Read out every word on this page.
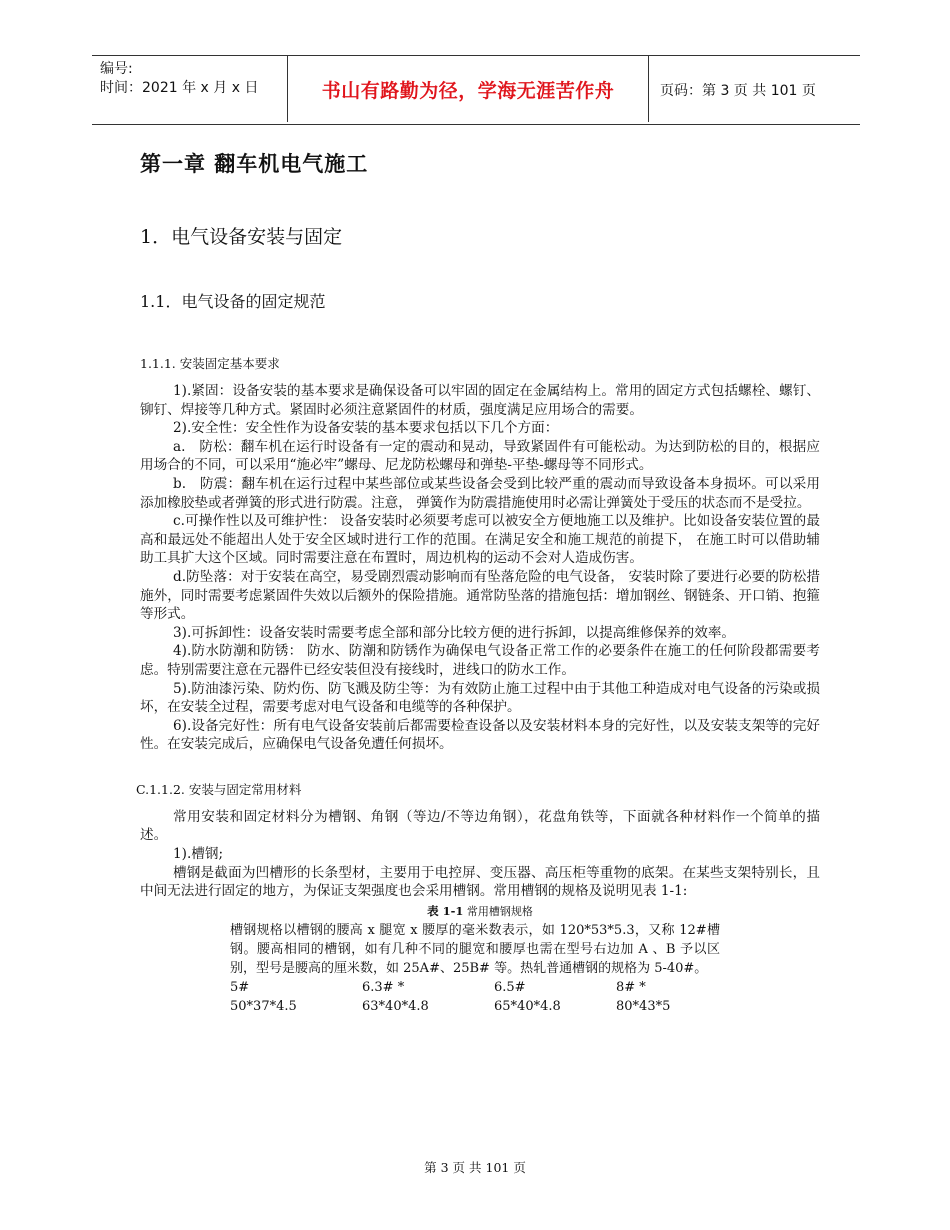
编号:
时间：2021 年 x 月 x 日	书山有路勤为径，学海无涯苦作舟	页码：第 3 页 共 101 页
第一章 翻车机电气施工
1．电气设备安装与固定
1.1．电气设备的固定规范
1.1.1. 安装固定基本要求

1).紧固：设备安装的基本要求是确保设备可以牢固的固定在金属结构上。常用的固定方式包括螺栓、螺钉、铆钉、焊接等几种方式。紧固时必须注意紧固件的材质，强度满足应用场合的需要。

2).安全性：安全性作为设备安装的基本要求包括以下几个方面：

a.　防松：翻车机在运行时设备有一定的震动和晃动，导致紧固件有可能松动。为达到防松的目的，根据应用场合的不同，可以采用“施必牢”螺母、尼龙防松螺母和弹垫-平垫-螺母等不同形式。

b.　防震：翻车机在运行过程中某些部位或某些设备会受到比较严重的震动而导致设备本身损坏。可以采用添加橡胶垫或者弹簧的形式进行防震。注意， 弹簧作为防震措施使用时必需让弹簧处于受压的状态而不是受拉。

c.可操作性以及可维护性： 设备安装时必须要考虑可以被安全方便地施工以及维护。比如设备安装位置的最高和最远处不能超出人处于安全区域时进行工作的范围。在满足安全和施工规范的前提下， 在施工时可以借助辅助工具扩大这个区域。同时需要注意在布置时，周边机构的运动不会对人造成伤害。

d.防坠落：对于安装在高空，易受剧烈震动影响而有坠落危险的电气设备， 安装时除了要进行必要的防松措施外，同时需要考虑紧固件失效以后额外的保险措施。通常防坠落的措施包括：增加钢丝、钢链条、开口销、抱箍等形式。

3).可拆卸性：设备安装时需要考虑全部和部分比较方便的进行拆卸，以提高维修保养的效率。

4).防水防潮和防锈： 防水、防潮和防锈作为确保电气设备正常工作的必要条件在施工的任何阶段都需要考虑。特别需要注意在元器件已经安装但没有接线时，进线口的防水工作。

5).防油漆污染、防灼伤、防飞溅及防尘等：为有效防止施工过程中由于其他工种造成对电气设备的污染或损坏，在安装全过程，需要考虑对电气设备和电缆等的各种保护。

6).设备完好性：所有电气设备安装前后都需要检查设备以及安装材料本身的完好性，以及安装支架等的完好性。在安装完成后，应确保电气设备免遭任何损坏。

C.1.1.2. 安装与固定常用材料

常用安装和固定材料分为槽钢、角钢（等边/不等边角钢），花盘角铁等，下面就各种材料作一个简单的描述。

1).槽钢;

槽钢是截面为凹槽形的长条型材，主要用于电控屏、变压器、高压柜等重物的底架。在某些支架特别长，且中间无法进行固定的地方，为保证支架强度也会采用槽钢。常用槽钢的规格及说明见表 1-1:

表 1-1 常用槽钢规格
槽钢规格以槽钢的腰高 x 腿宽 x 腰厚的毫米数表示，如 120*53*5.3，又称 12#槽钢。腰高相同的槽钢，如有几种不同的腿宽和腰厚也需在型号右边加 A 、B 予以区别，型号是腰高的厘米数，如 25A#、25B# 等。热轧普通槽钢的规格为 5-40#。
5#	6.3# *	6.5#	8# *
50*37*4.5	63*40*4.8	65*40*4.8	80*43*5
第 3 页 共 101 页
